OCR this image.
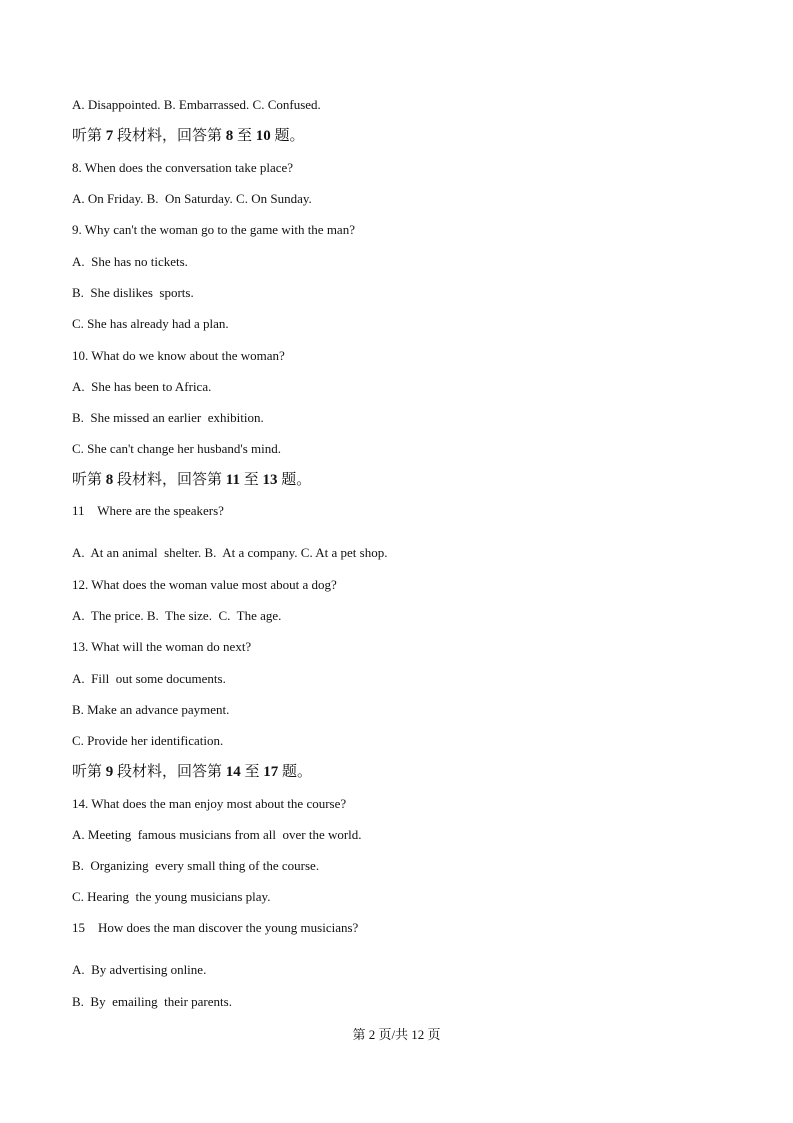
A. Disappointed. B. Embarrassed. C. Confused.
听第 7 段材料，回答第 8 至 10 题。
8. When does the conversation take place?
A. On Friday. B.  On Saturday. C. On Sunday.
9. Why can't the woman go to the game with the man?
A.  She has no tickets.
B.  She dislikes  sports.
C. She has already had a plan.
10. What do we know about the woman?
A.  She has been to Africa.
B.  She missed an earlier  exhibition.
C. She can't change her husband's mind.
听第 8 段材料，回答第 11 至 13 题。
11    Where are the speakers?
A.  At an animal  shelter. B.  At a company. C. At a pet shop.
12. What does the woman value most about a dog?
A.  The price. B.  The size.  C.  The age.
13. What will the woman do next?
A.  Fill  out some documents.
B. Make an advance payment.
C. Provide her identification.
听第 9 段材料，回答第 14 至 17 题。
14. What does the man enjoy most about the course?
A. Meeting  famous musicians from all  over the world.
B.  Organizing  every small thing of the course.
C. Hearing  the young musicians play.
15    How does the man discover the young musicians?
A.  By advertising online.
B.  By  emailing  their parents.
第 2 页/共 12 页
